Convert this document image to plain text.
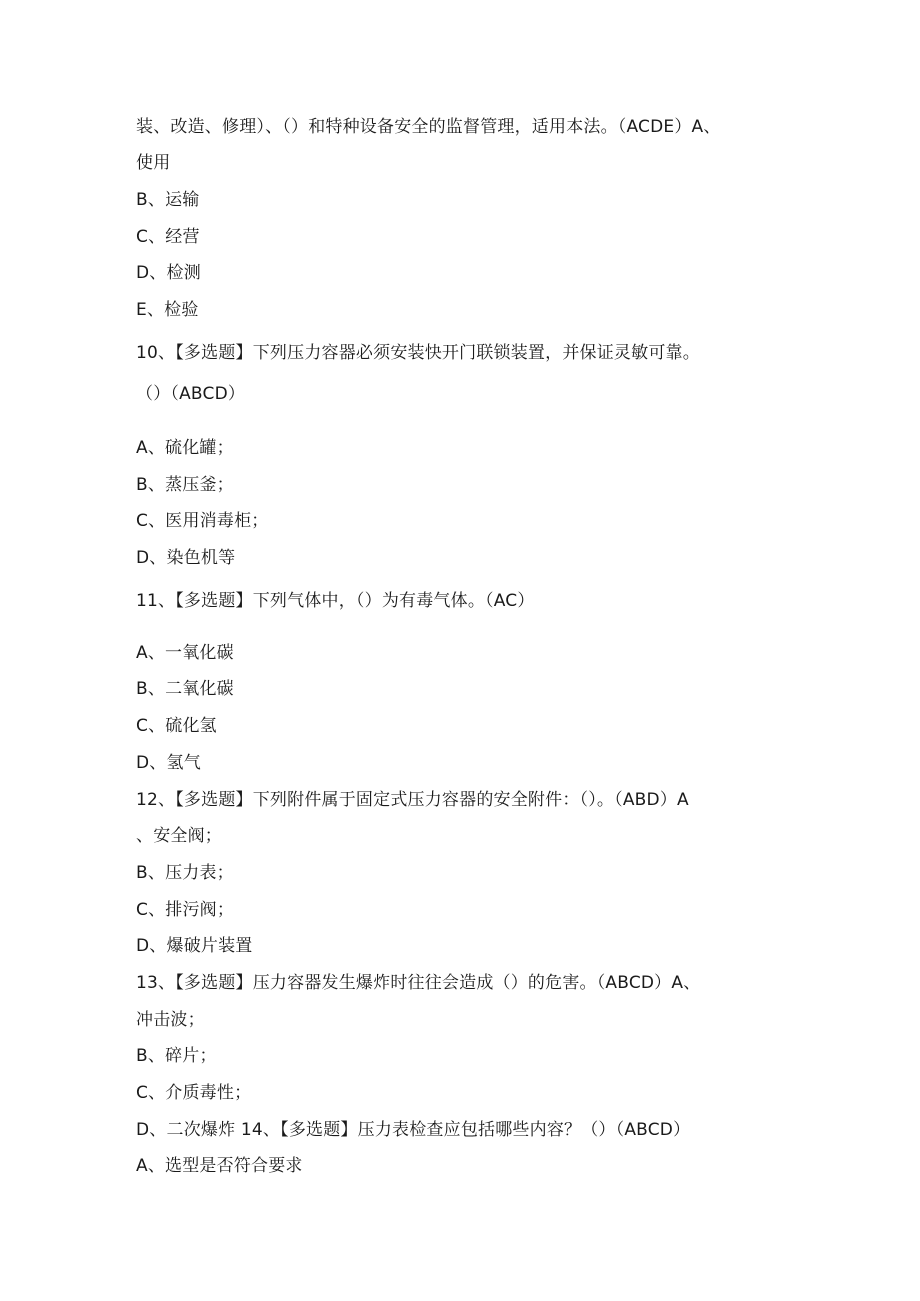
装、改造、修理）、（）和特种设备安全的监督管理，适用本法。（ACDE）A、
使用
B、运输
C、经营
D、检测
E、检验
10、【多选题】下列压力容器必须安装快开门联锁装置，并保证灵敏可靠。
（）（ABCD）
A、硫化罐；
B、蒸压釜；
C、医用消毒柜；
D、染色机等
11、【多选题】下列气体中，（）为有毒气体。（AC）
A、一氧化碳
B、二氧化碳
C、硫化氢
D、氢气
12、【多选题】下列附件属于固定式压力容器的安全附件：（）。（ABD）A
、安全阀；
B、压力表；
C、排污阀；
D、爆破片装置
13、【多选题】压力容器发生爆炸时往往会造成（）的危害。（ABCD）A、
冲击波；
B、碎片；
C、介质毒性；
D、二次爆炸 14、【多选题】压力表检查应包括哪些内容？（）（ABCD）
A、选型是否符合要求
